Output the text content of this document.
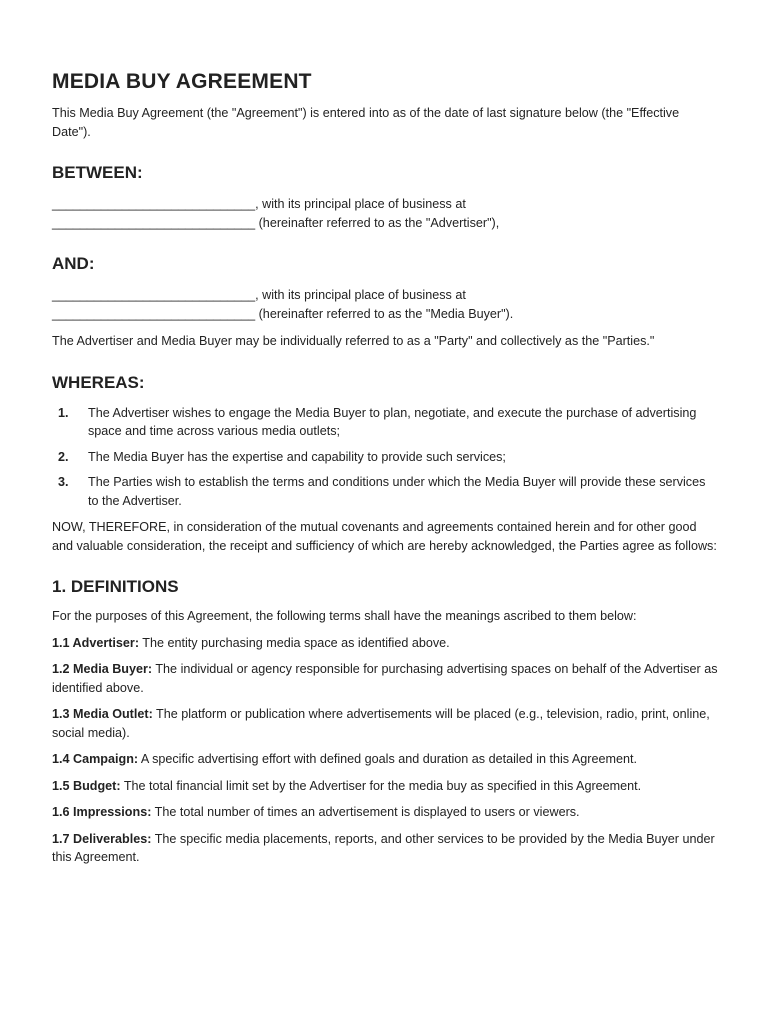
MEDIA BUY AGREEMENT

This Media Buy Agreement (the "Agreement") is entered into as of the date of last signature below (the "Effective Date").

BETWEEN:

_____________________________, with its principal place of business at

_____________________________ (hereinafter referred to as the "Advertiser"),

AND:

_____________________________, with its principal place of business at

_____________________________ (hereinafter referred to as the "Media Buyer").

The Advertiser and Media Buyer may be individually referred to as a "Party" and collectively as the "Parties."

WHEREAS:
1.	The Advertiser wishes to engage the Media Buyer to plan, negotiate, and execute the purchase of advertising space and time across various media outlets;

2.	The Media Buyer has the expertise and capability to provide such services;

3.	The Parties wish to establish the terms and conditions under which the Media Buyer will provide these services to the Advertiser.

NOW, THEREFORE, in consideration of the mutual covenants and agreements contained herein and for other good and valuable consideration, the receipt and sufficiency of which are hereby acknowledged, the Parties agree as follows:

1. DEFINITIONS

For the purposes of this Agreement, the following terms shall have the meanings ascribed to them below:

1.1 Advertiser: The entity purchasing media space as identified above.

1.2 Media Buyer: The individual or agency responsible for purchasing advertising spaces on behalf of the Advertiser as identified above.

1.3 Media Outlet: The platform or publication where advertisements will be placed (e.g., television, radio, print, online, social media).

1.4 Campaign: A specific advertising effort with defined goals and duration as detailed in this Agreement.

1.5 Budget: The total financial limit set by the Advertiser for the media buy as specified in this Agreement.

1.6 Impressions: The total number of times an advertisement is displayed to users or viewers.

1.7 Deliverables: The specific media placements, reports, and other services to be provided by the Media Buyer under this Agreement.
